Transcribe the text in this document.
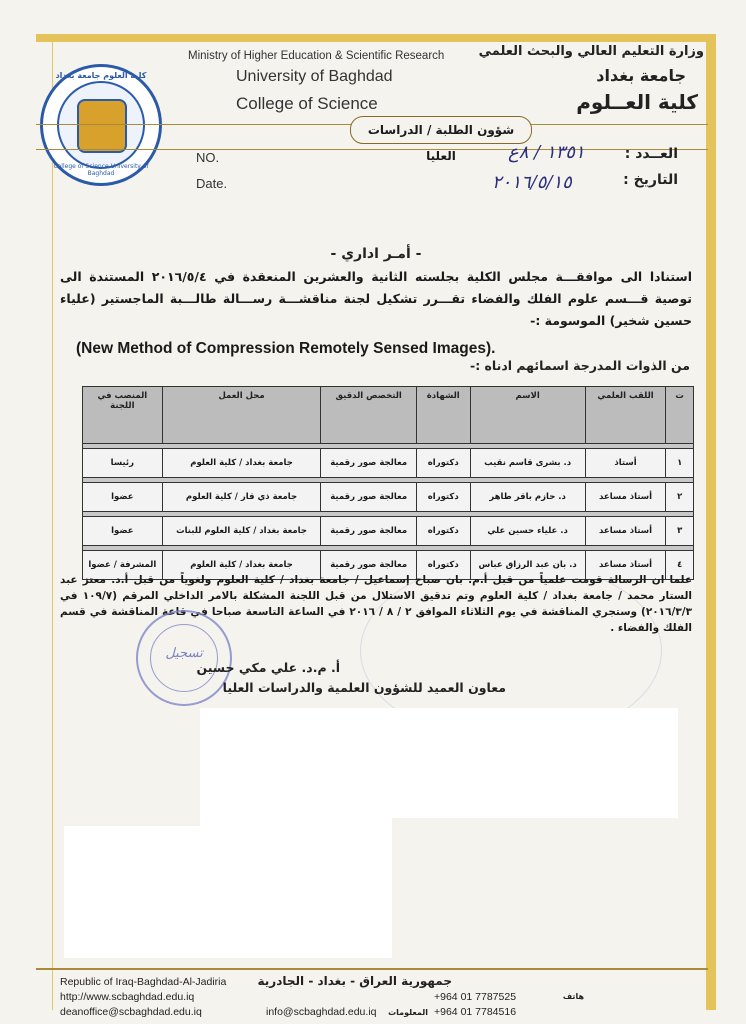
كلية العلوم جامعة بغداد
College of Science University of Baghdad
Ministry of Higher Education & Scientific Research
University of Baghdad
College of Science
وزارة التعليم العالي والبحث العلمي
جامعة بغداد
كلية العــلوم
شؤون الطلبة / الدراسات العليا
NO.
Date.
العــدد :
التاريخ :
١٣٥١ / ٨ع
٢٠١٦/٥/١٥
- أمـر اداري -
استنادا الى موافقـــة مجلس الكلية بجلسته الثانية والعشرين المنعقدة في ٢٠١٦/٥/٤ المستندة الى توصية قـــسم علوم الفلك والفضاء تقـــرر تشكيل لجنة مناقشـــة رســـالة طالـــبة الماجستير (علياء حسين شخير) الموسومة :-
(New Method of Compression Remotely Sensed Images).
من الذوات المدرجة اسمائهم ادناه :-
ت	اللقب العلمي	الاسم	الشهادة	التخصص الدقيق	محل العمل	المنصب في اللجنة

١	أستاذ	د. بشرى قاسم نقيب	دكتوراه	معالجة صور رقمية	جامعة بغداد / كلية العلوم	رئيسا

٢	أستاذ مساعد	د. حازم باقر طاهر	دكتوراه	معالجة صور رقمية	جامعة ذي قار / كلية العلوم	عضوا

٣	أستاذ مساعد	د. علياء حسين علي	دكتوراه	معالجة صور رقمية	جامعة بغداد / كلية العلوم للبنات	عضوا

٤	أستاذ مساعد	د. بان عبد الرزاق عباس	دكتوراه	معالجة صور رقمية	جامعة بغداد / كلية العلوم	المشرفة / عضوا
علما ان الرسالة قومت علمياً من قبل أ.م. بان صباح إسماعيل / جامعة بغداد / كلية العلوم ولغوياً من قبل أ.د. معتز عبد الستار محمد / جامعة بغداد / كلية العلوم وتم تدقيق الاستلال من قبل اللجنة المشكلة بالامر الداخلي المرقم (١٠٩/٧ في ٢٠١٦/٣/٣) وستجري المناقشة في يوم الثلاثاء الموافق ٢ / ٨ / ٢٠١٦ في الساعة التاسعة صباحا في قاعة المناقشة في قسم الفلك والفضاء .
تسجيل
أ. م.د. علي مكي حسين
معاون العميد للشؤون العلمية والدراسات العليا
Republic of Iraq-Baghdad-Al-Jadiria
http://www.scbaghdad.edu.iq
deanoffice@scbaghdad.edu.iq	info@scbaghdad.edu.iq
جمهورية العراق - بغداد - الجادرية
+964 01 7787525
+964 01 7784516
هاتف
المعلومات
